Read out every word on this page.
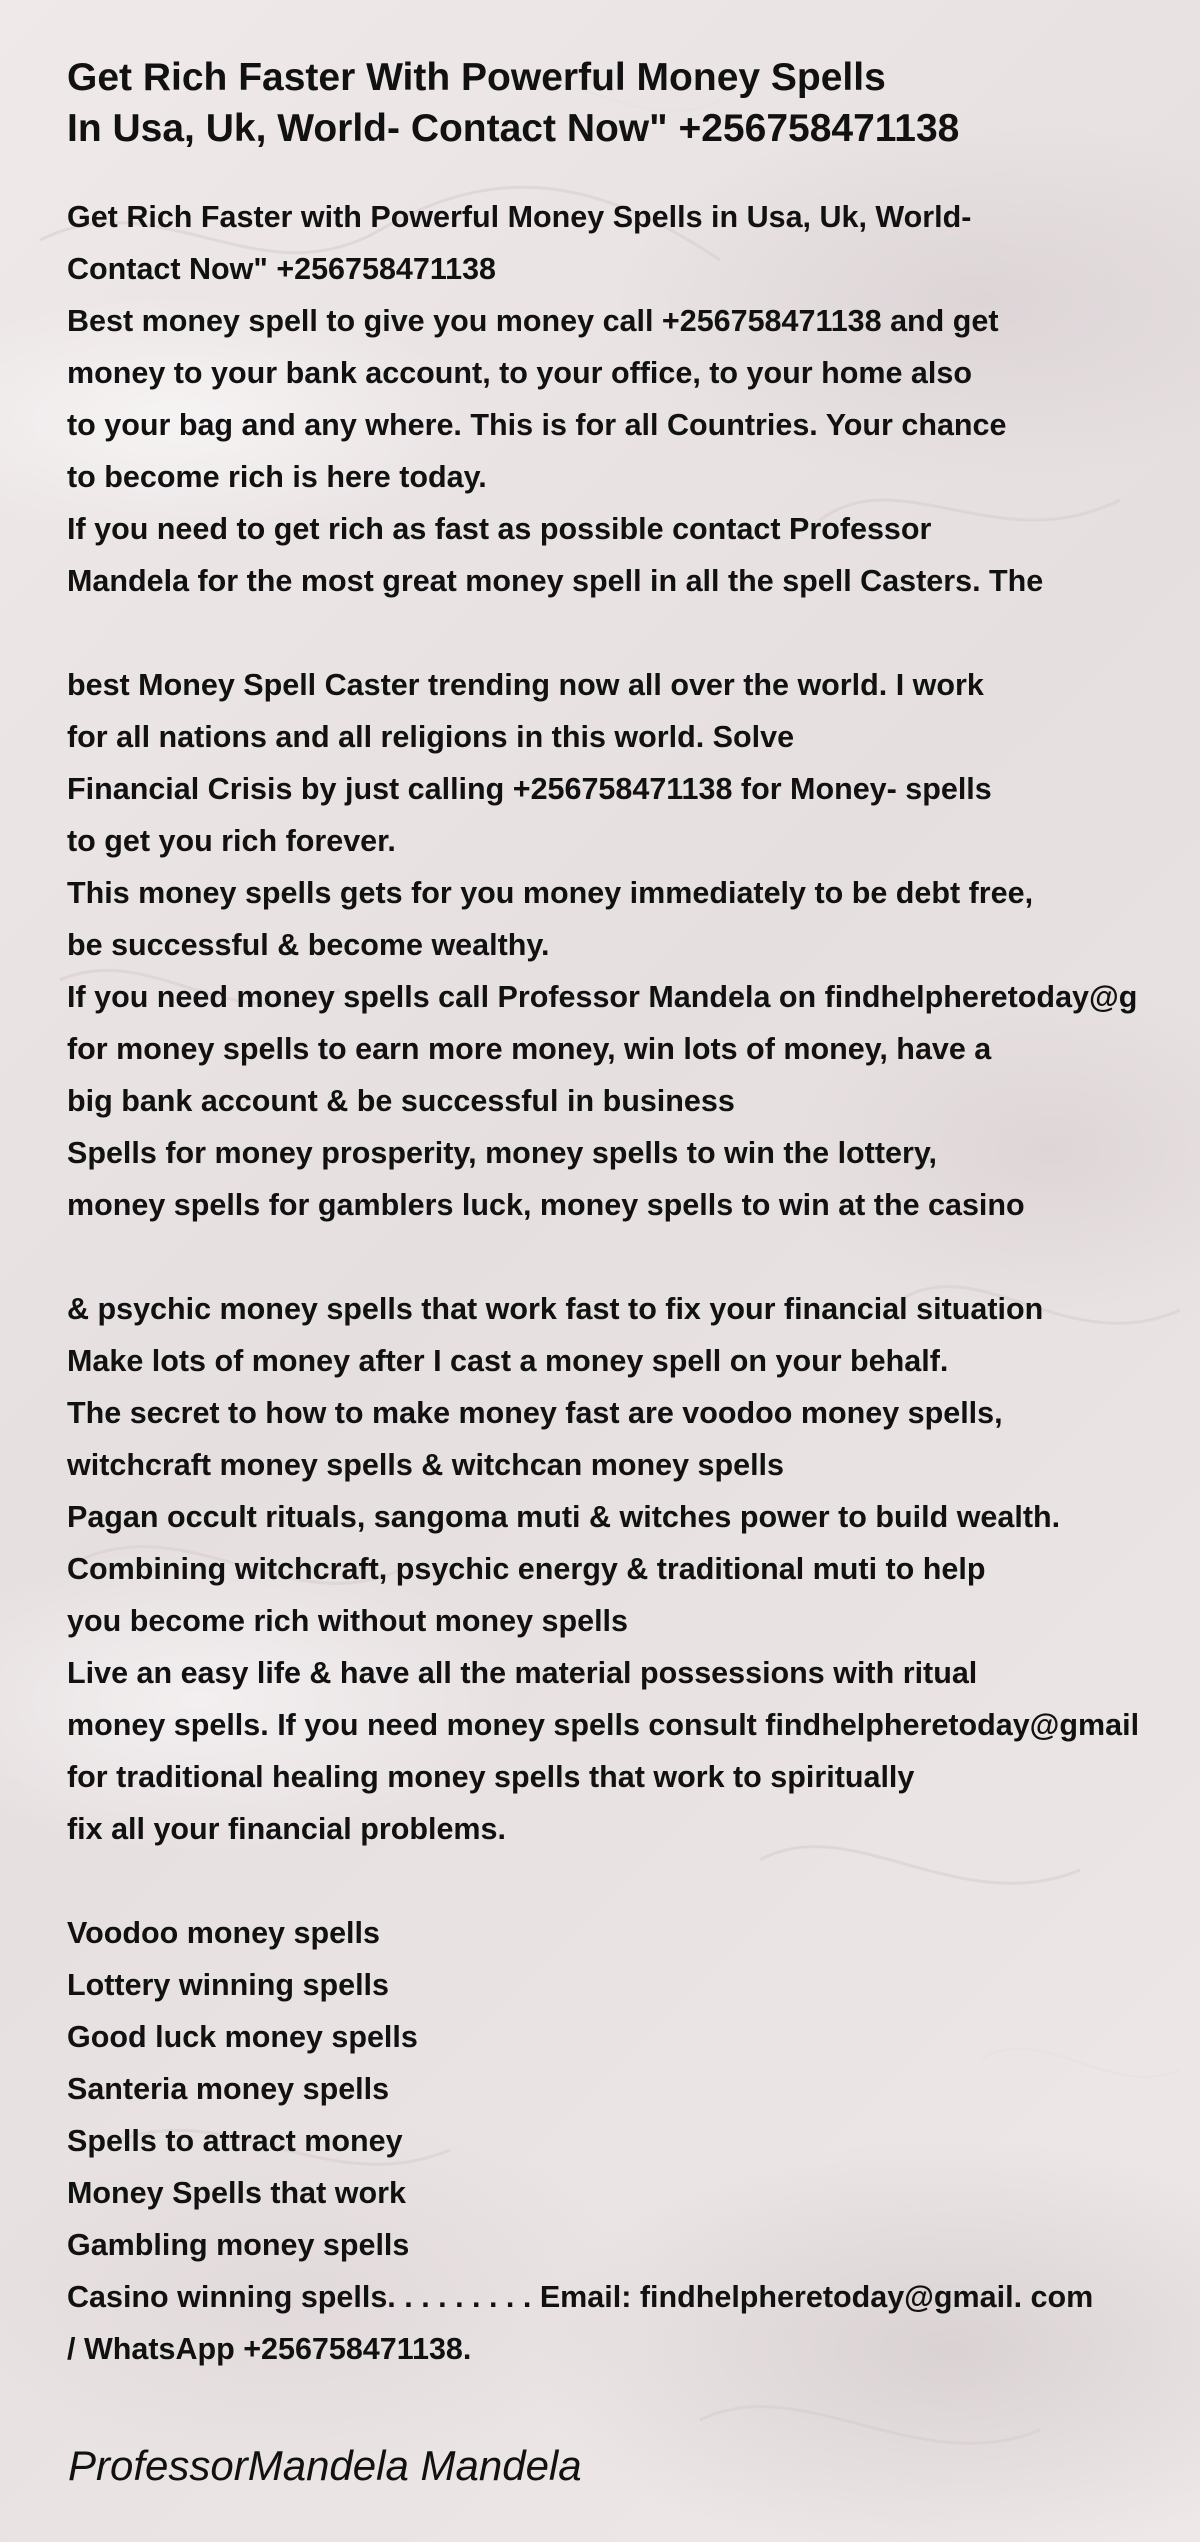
Get Rich Faster With Powerful Money Spells
In Usa, Uk, World- Contact Now" +256758471138

Get Rich Faster with Powerful Money Spells in Usa, Uk, World-
Contact Now" +256758471138
Best money spell to give you money call +256758471138 and get
money to your bank account, to your office, to your home also
to your bag and any where. This is for all Countries. Your chance
to become rich is here today.
If you need to get rich as fast as possible contact Professor
Mandela for the most great money spell in all the spell Casters. The

best Money Spell Caster trending now all over the world. I work
for all nations and all religions in this world. Solve
Financial Crisis by just calling +256758471138 for Money- spells
to get you rich forever.
This money spells gets for you money immediately to be debt free,
be successful & become wealthy.
If you need money spells call Professor Mandela on findhelpheretoday@g
for money spells to earn more money, win lots of money, have a
big bank account & be successful in business
Spells for money prosperity, money spells to win the lottery,
money spells for gamblers luck, money spells to win at the casino

& psychic money spells that work fast to fix your financial situation
Make lots of money after I cast a money spell on your behalf.
The secret to how to make money fast are voodoo money spells,
witchcraft money spells & witchcan money spells
Pagan occult rituals, sangoma muti & witches power to build wealth.
Combining witchcraft, psychic energy & traditional muti to help
you become rich without money spells
Live an easy life & have all the material possessions with ritual
money spells. If you need money spells consult findhelpheretoday@gmail
for traditional healing money spells that work to spiritually
fix all your financial problems.

Voodoo money spells
Lottery winning spells
Good luck money spells
Santeria money spells
Spells to attract money
Money Spells that work
Gambling money spells
Casino winning spells. . . . . . . . . Email: findhelpheretoday@gmail. com
/ WhatsApp +256758471138.

ProfessorMandela Mandela
